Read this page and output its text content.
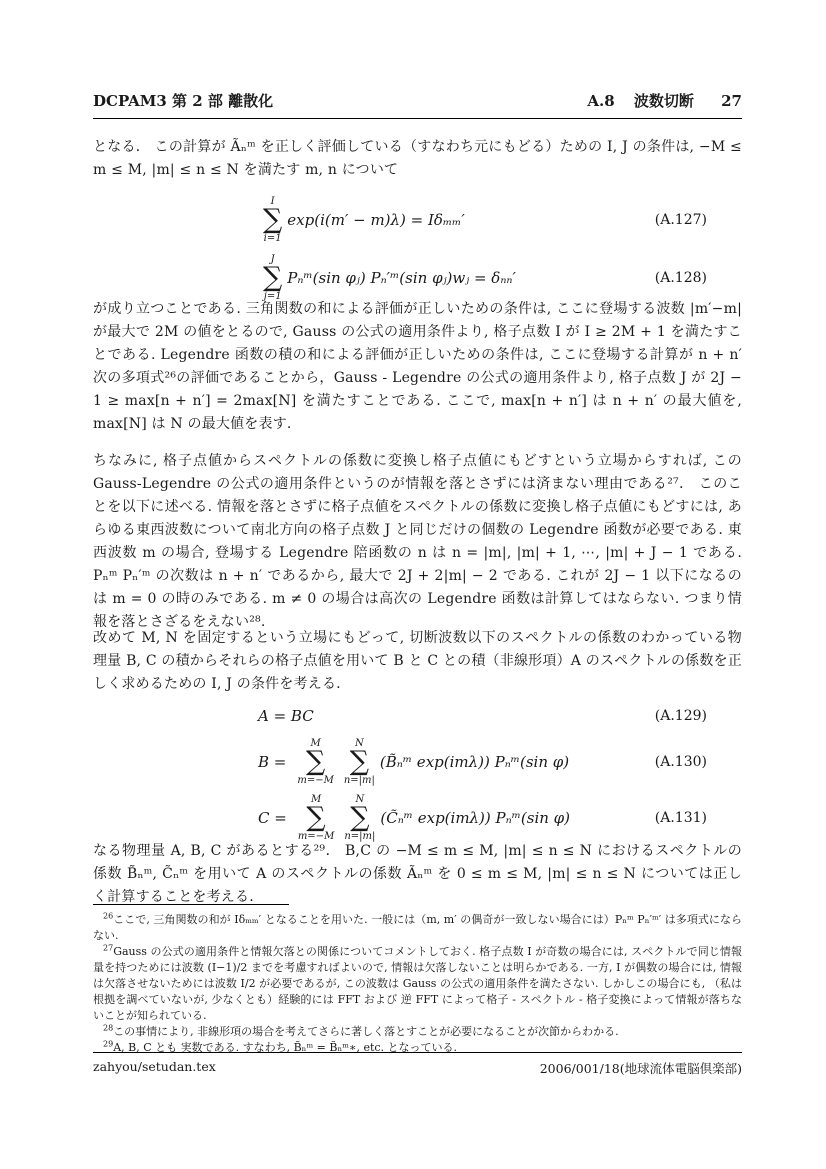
DCPAM3 第 2 部 離散化	A.8 波数切断 27

となる． この計算が Ãₙᵐ を正しく評価している（すなわち元にもどる）ための I, J の条件は, −M ≤ m ≤ M, |m| ≤ n ≤ N を満たす m, n について

I
∑
i=1
exp(i(m′ − m)λ) = Iδₘₘ′	(A.127)
J
∑
j=1
Pₙᵐ(sin φⱼ) Pₙ′ᵐ(sin φⱼ)wⱼ = δₙₙ′	(A.128)

が成り立つことである. 三角関数の和による評価が正しいための条件は, ここに登場する波数 |m′−m| が最大で 2M の値をとるので, Gauss の公式の適用条件より, 格子点数 I が I ≥ 2M + 1 を満たすことである. Legendre 函数の積の和による評価が正しいための条件は, ここに登場する計算が n + n′ 次の多項式²⁶の評価であることから，Gauss - Legendre の公式の適用条件より, 格子点数 J が 2J − 1 ≥ max[n + n′] = 2max[N] を満たすことである. ここで, max[n + n′] は n + n′ の最大値を, max[N] は N の最大値を表す.

ちなみに, 格子点値からスペクトルの係数に変換し格子点値にもどすという立場からすれば, この Gauss-Legendre の公式の適用条件というのが情報を落とさずには済まない理由である²⁷． このことを以下に述べる. 情報を落とさずに格子点値をスペクトルの係数に変換し格子点値にもどすには, あらゆる東西波数について南北方向の格子点数 J と同じだけの個数の Legendre 函数が必要である. 東西波数 m の場合, 登場する Legendre 陪函数の n は n = |m|, |m| + 1, ⋯, |m| + J − 1 である. Pₙᵐ Pₙ′ᵐ の次数は n + n′ であるから, 最大で 2J + 2|m| − 2 である. これが 2J − 1 以下になるのは m = 0 の時のみである. m ≠ 0 の場合は高次の Legendre 函数は計算してはならない. つまり情報を落とさざるをえない²⁸.

改めて M, N を固定するという立場にもどって, 切断波数以下のスペクトルの係数のわかっている物理量 B, C の積からそれらの格子点値を用いて B と C との積（非線形項）A のスペクトルの係数を正しく求めるための I, J の条件を考える.

A = BC	(A.129)
B =
M
∑
m=−M
N
∑
n=|m|
(B̃ₙᵐ exp(imλ)) Pₙᵐ(sin φ)	(A.130)
C =
M
∑
m=−M
N
∑
n=|m|
(C̃ₙᵐ exp(imλ)) Pₙᵐ(sin φ)	(A.131)

なる物理量 A, B, C があるとする²⁹． B,C の −M ≤ m ≤ M, |m| ≤ n ≤ N におけるスペクトルの係数 B̃ₙᵐ, C̃ₙᵐ を用いて A のスペクトルの係数 Ãₙᵐ を 0 ≤ m ≤ M, |m| ≤ n ≤ N については正しく計算することを考える.

$^{26}$ここで, 三角関数の和が Iδₘₘ′ となることを用いた. 一般には（m, m′ の偶奇が一致しない場合には）Pₙᵐ Pₙ′ᵐ′ は多項式にならない.

$^{27}$Gauss の公式の適用条件と情報欠落との関係についてコメントしておく. 格子点数 I が奇数の場合には, スペクトルで同じ情報量を持つためには波数 (I−1)/2 までを考慮すればよいので, 情報は欠落しないことは明らかである. 一方, I が偶数の場合には, 情報は欠落させないためには波数 I/2 が必要であるが, この波数は Gauss の公式の適用条件を満たさない. しかしこの場合にも, （私は根拠を調べていないが, 少なくとも）経験的には FFT および 逆 FFT によって格子 - スペクトル - 格子変換によって情報が落ちないことが知られている.

$^{28}$この事情により, 非線形項の場合を考えてさらに著しく落とすことが必要になることが次節からわかる.

$^{29}$A, B, C とも 実数である. すなわち, B̃ₙᵐ = B̃ₙᵐ∗, etc. となっている.

zahyou/setudan.tex	2006/001/18(地球流体電脳倶楽部)
